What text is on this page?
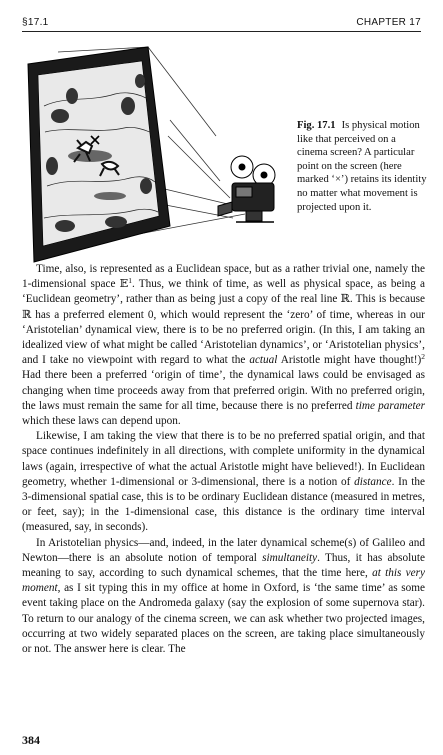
§17.1	CHAPTER 17
Fig. 17.1 Is physical motion like that perceived on a cinema screen? A particular point on the screen (here marked ‘×’) retains its identity no matter what movement is projected upon it.

Time, also, is represented as a Euclidean space, but as a rather trivial one, namely the 1-dimensional space 𝔼$^1$. Thus, we think of time, as well as physical space, as being a ‘Euclidean geometry’, rather than as being just a copy of the real line ℝ. This is because ℝ has a preferred element 0, which would represent the ‘zero’ of time, whereas in our ‘Aristotelian’ dynamical view, there is to be no preferred origin. (In this, I am taking an idealized view of what might be called ‘Aristotelian dynamics’, or ‘Aristotelian physics’, and I take no viewpoint with regard to what the actual Aristotle might have thought!)$^2$ Had there been a preferred ‘origin of time’, the dynamical laws could be envisaged as changing when time proceeds away from that preferred origin. With no preferred origin, the laws must remain the same for all time, because there is no preferred time parameter which these laws can depend upon.

Likewise, I am taking the view that there is to be no preferred spatial origin, and that space continues indefinitely in all directions, with complete uniformity in the dynamical laws (again, irrespective of what the actual Aristotle might have believed!). In Euclidean geometry, whether 1-dimensional or 3-dimensional, there is a notion of distance. In the 3-dimensional spatial case, this is to be ordinary Euclidean distance (measured in metres, or feet, say); in the 1-dimensional case, this distance is the ordinary time interval (measured, say, in seconds).

In Aristotelian physics—and, indeed, in the later dynamical scheme(s) of Galileo and Newton—there is an absolute notion of temporal simultaneity. Thus, it has absolute meaning to say, according to such dynamical schemes, that the time here, at this very moment, as I sit typing this in my office at home in Oxford, is ‘the same time’ as some event taking place on the Andromeda galaxy (say the explosion of some supernova star). To return to our analogy of the cinema screen, we can ask whether two projected images, occurring at two widely separated places on the screen, are taking place simultaneously or not. The answer here is clear. The

384
